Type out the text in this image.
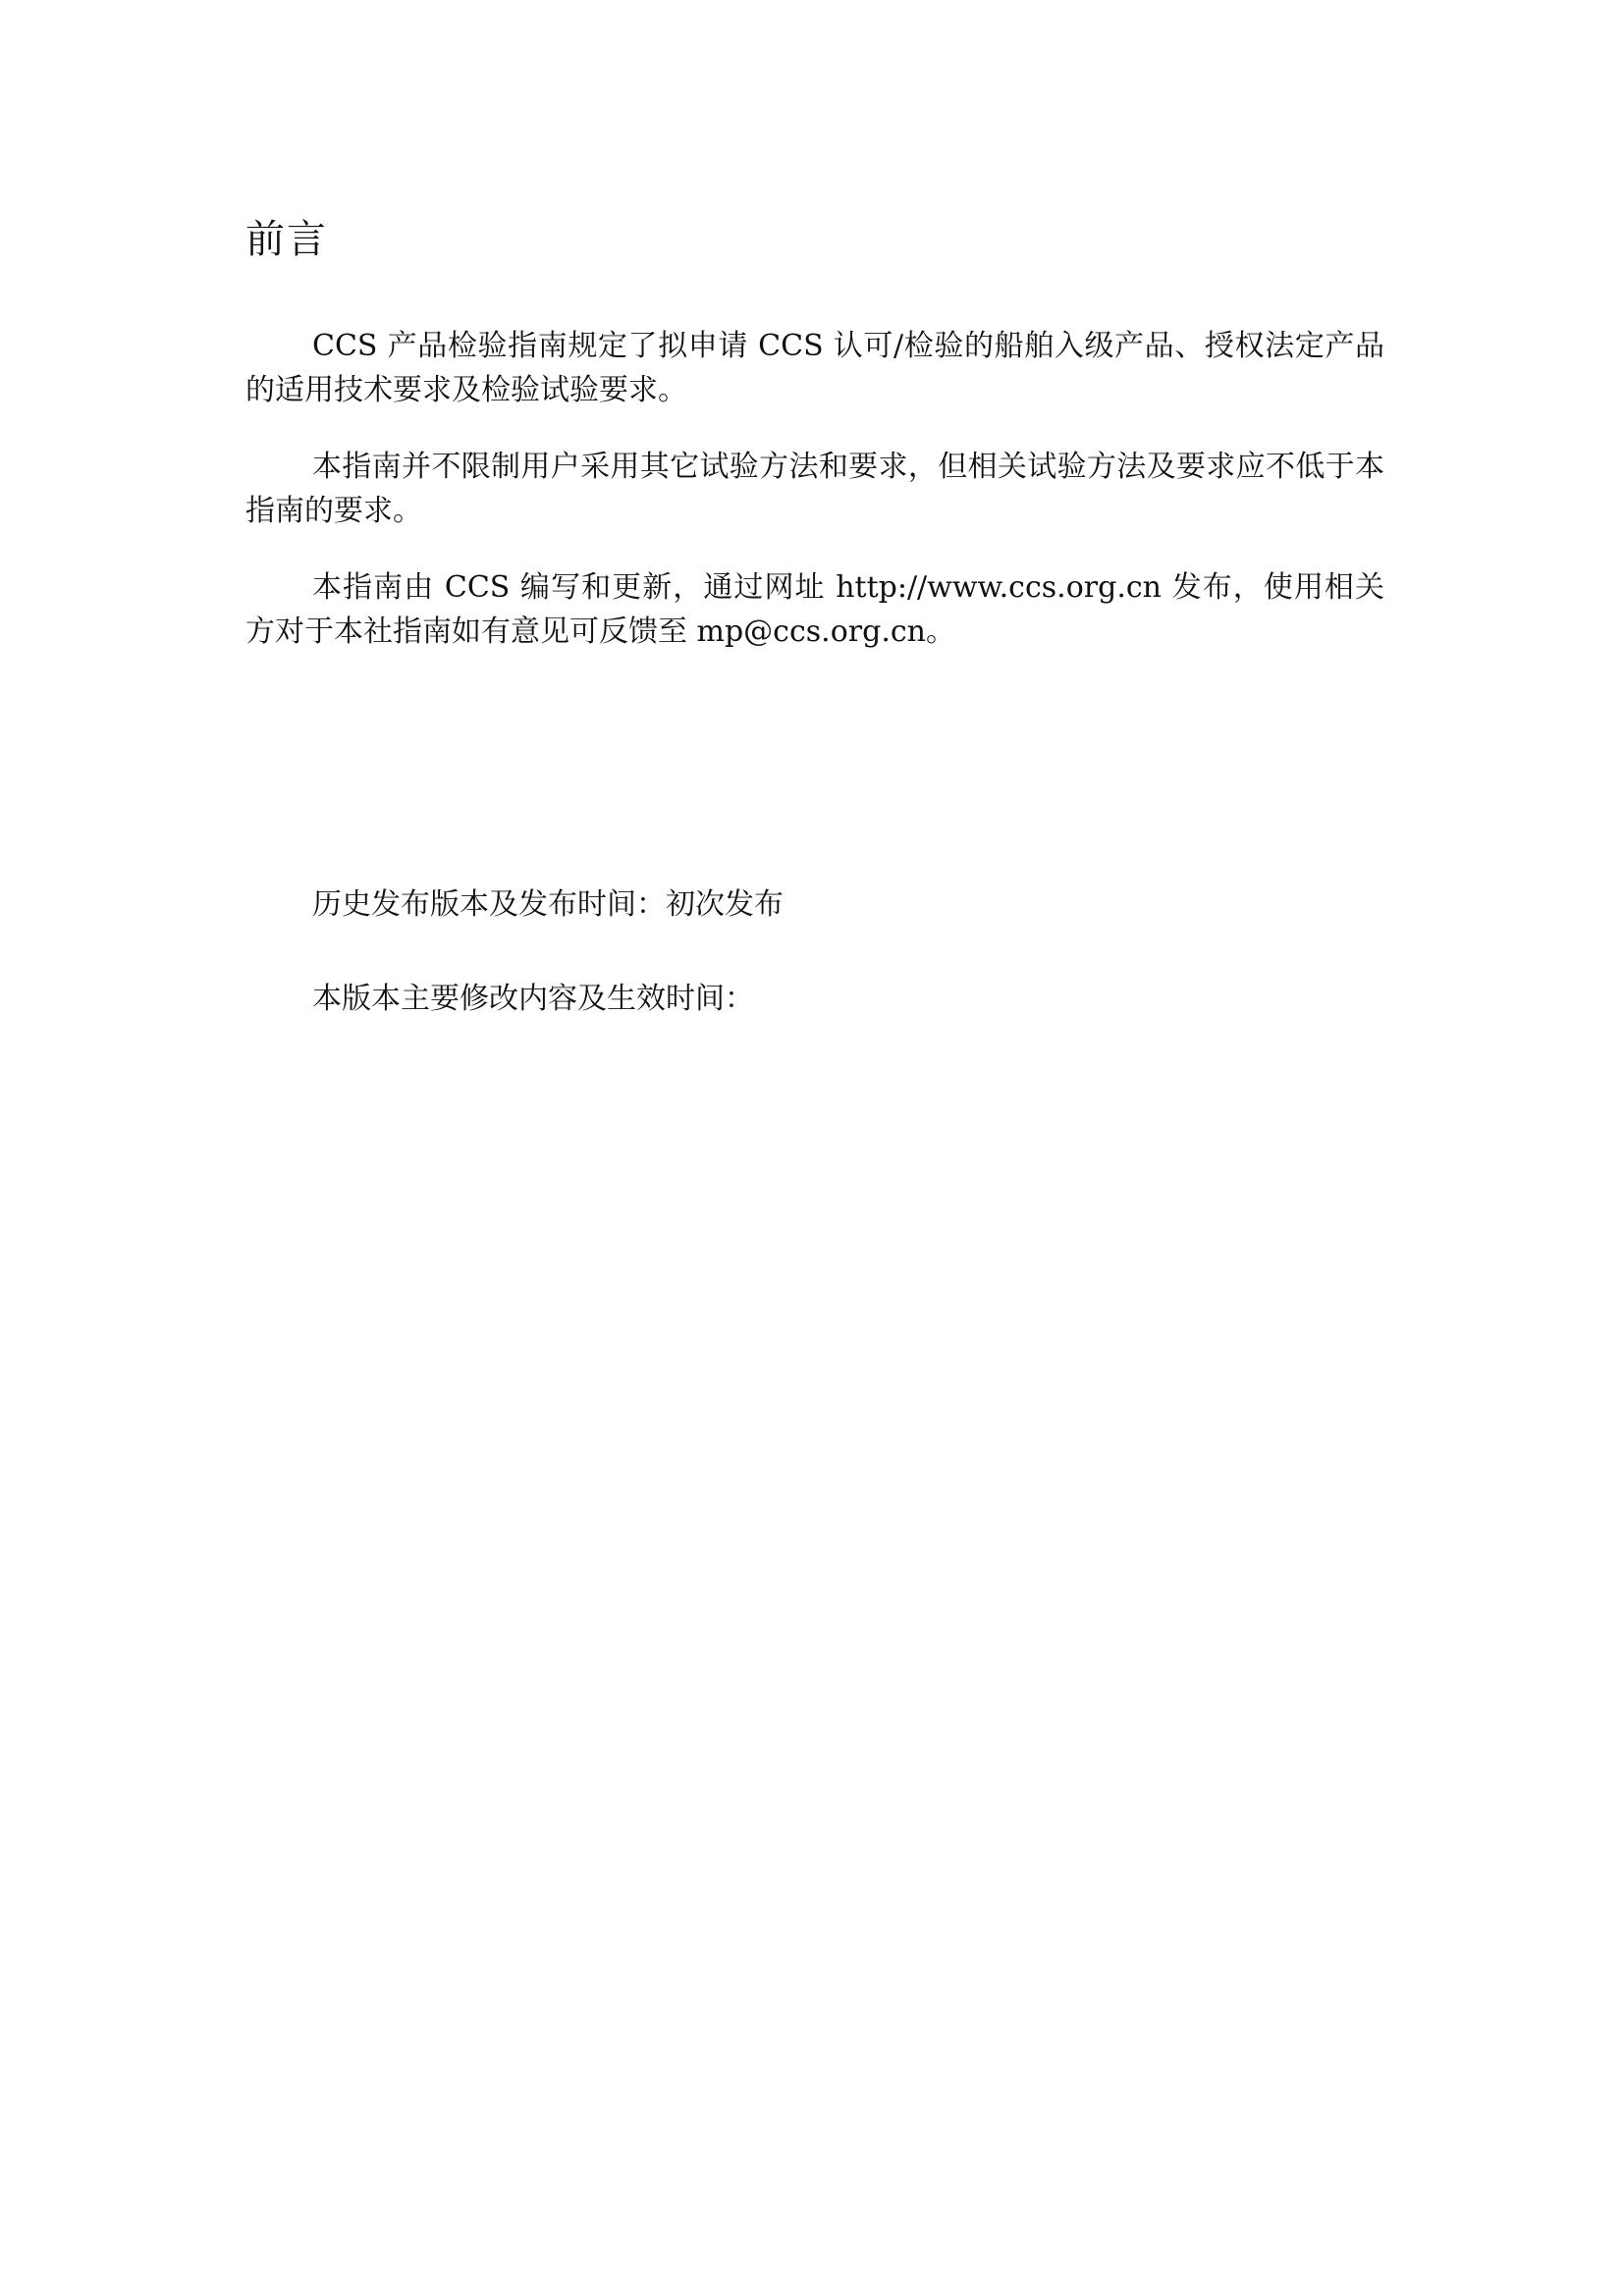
前言

CCS 产品检验指南规定了拟申请 CCS 认可/检验的船舶入级产品、授权法定产品的适用技术要求及检验试验要求。

本指南并不限制用户采用其它试验方法和要求，但相关试验方法及要求应不低于本指南的要求。

本指南由 CCS 编写和更新，通过网址 http://www.ccs.org.cn 发布，使用相关方对于本社指南如有意见可反馈至 mp@ccs.org.cn。

历史发布版本及发布时间：初次发布

本版本主要修改内容及生效时间：
